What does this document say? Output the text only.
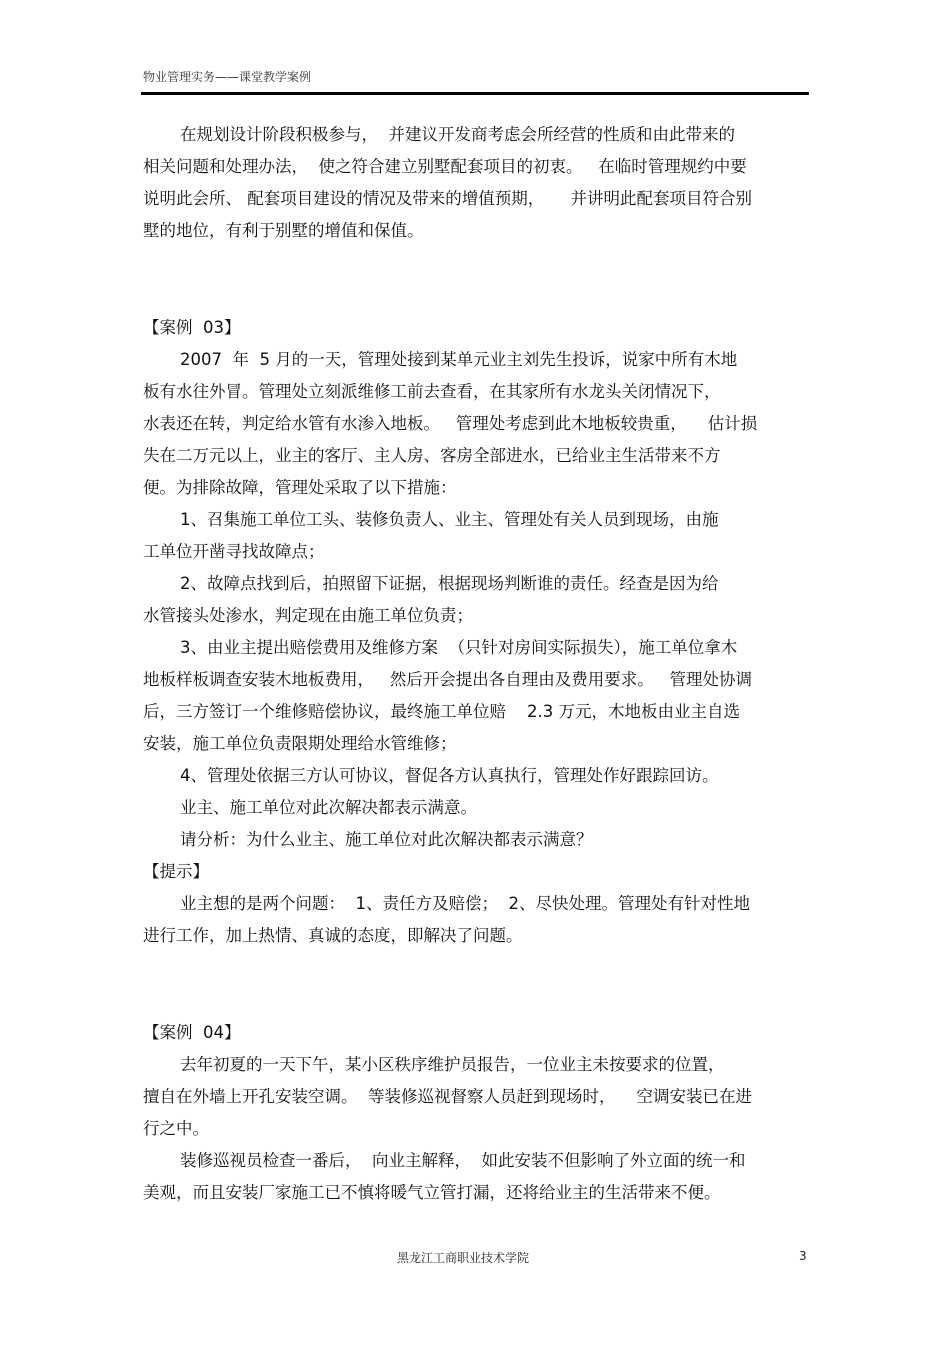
物业管理实务——课堂教学案例
在规划设计阶段积极参与，  并建议开发商考虑会所经营的性质和由此带来的
相关问题和处理办法，  使之符合建立别墅配套项目的初衷。   在临时管理规约中要
说明此会所、 配套项目建设的情况及带来的增值预期，     并讲明此配套项目符合别
墅的地位，有利于别墅的增值和保值。
【案例  03】
2007  年  5 月的一天，管理处接到某单元业主刘先生投诉，说家中所有木地
板有水往外冒。管理处立刻派维修工前去查看，在其家所有水龙头关闭情况下，
水表还在转，判定给水管有水渗入地板。   管理处考虑到此木地板较贵重，    估计损
失在二万元以上，业主的客厅、主人房、客房全部进水，已给业主生活带来不方
便。为排除故障，管理处采取了以下措施：
1、召集施工单位工头、装修负责人、业主、管理处有关人员到现场，由施
工单位开凿寻找故障点；
2、故障点找到后，拍照留下证据，根据现场判断谁的责任。经查是因为给
水管接头处渗水，判定现在由施工单位负责；
3、由业主提出赔偿费用及维修方案  （只针对房间实际损失），施工单位拿木
地板样板调查安装木地板费用，   然后开会提出各自理由及费用要求。   管理处协调
后，三方签订一个维修赔偿协议，最终施工单位赔    2.3 万元，木地板由业主自选
安装，施工单位负责限期处理给水管维修；
4、管理处依据三方认可协议，督促各方认真执行，管理处作好跟踪回访。
业主、施工单位对此次解决都表示满意。
请分析：为什么业主、施工单位对此次解决都表示满意？
【提示】
业主想的是两个问题：  1、责任方及赔偿；  2、尽快处理。管理处有针对性地
进行工作，加上热情、真诚的态度，即解决了问题。
【案例  04】
去年初夏的一天下午，某小区秩序维护员报告，一位业主未按要求的位置，
擅自在外墙上开孔安装空调。  等装修巡视督察人员赶到现场时，    空调安装已在进
行之中。
装修巡视员检查一番后，  向业主解释，  如此安装不但影响了外立面的统一和
美观，而且安装厂家施工已不慎将暖气立管打漏，还将给业主的生活带来不便。
黑龙江工商职业技术学院	3
